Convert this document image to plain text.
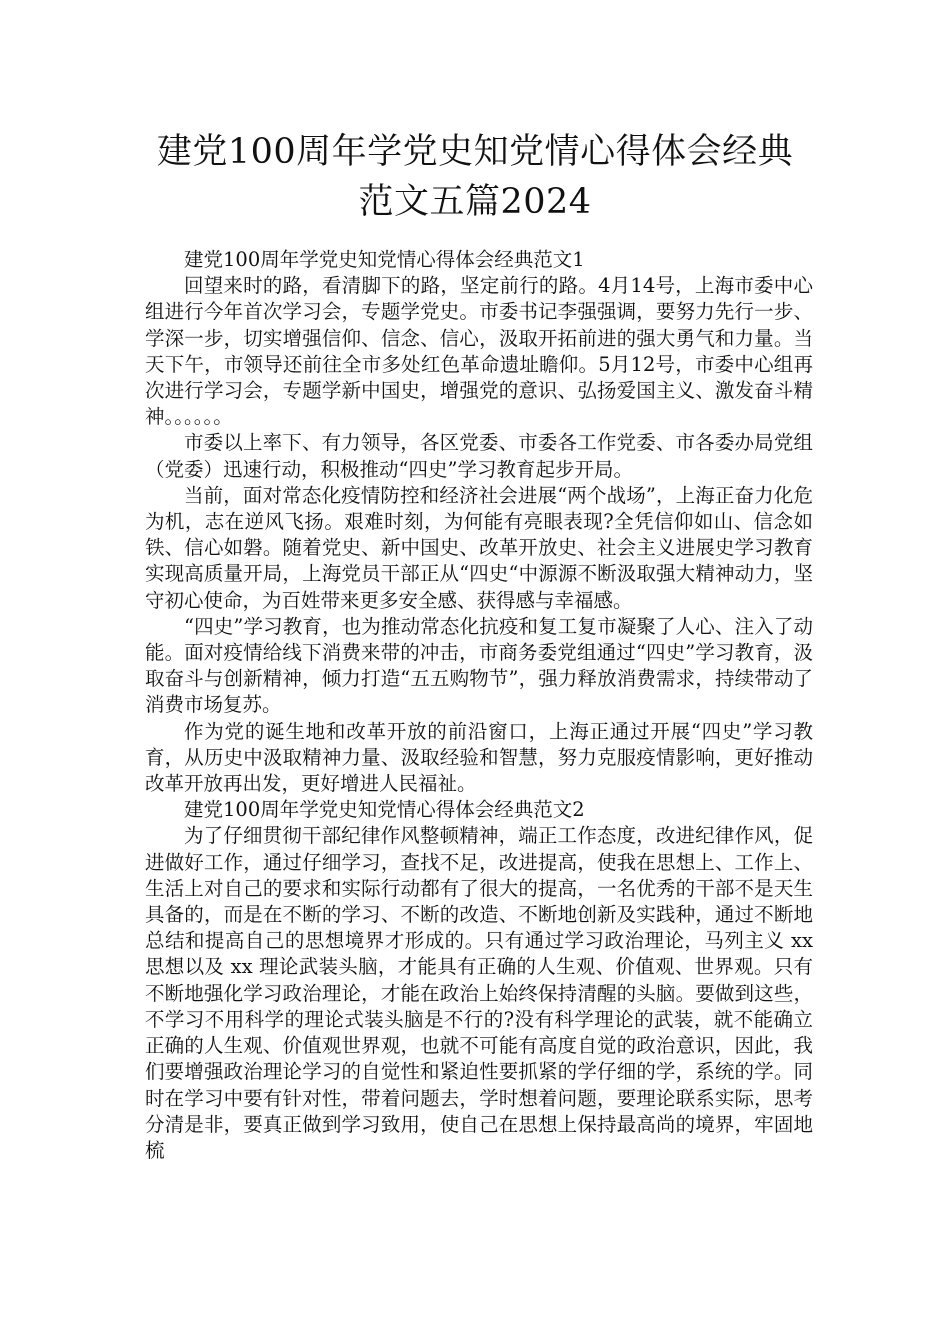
建党100周年学党史知党情心得体会经典
范文五篇2024

建党100周年学党史知党情心得体会经典范文1

回望来时的路，看清脚下的路，坚定前行的路。4月14号，上海市委中心组进行今年首次学习会，专题学党史。市委书记李强强调，要努力先行一步、学深一步，切实增强信仰、信念、信心，汲取开拓前进的强大勇气和力量。当天下午，市领导还前往全市多处红色革命遗址瞻仰。5月12号，市委中心组再次进行学习会，专题学新中国史，增强党的意识、弘扬爱国主义、激发奋斗精神。。。。。。

市委以上率下、有力领导，各区党委、市委各工作党委、市各委办局党组（党委）迅速行动，积极推动“四史”学习教育起步开局。

当前，面对常态化疫情防控和经济社会进展“两个战场”，上海正奋力化危为机，志在逆风飞扬。艰难时刻，为何能有亮眼表现?全凭信仰如山、信念如铁、信心如磐。随着党史、新中国史、改革开放史、社会主义进展史学习教育实现高质量开局，上海党员干部正从“四史“中源源不断汲取强大精神动力，坚守初心使命，为百姓带来更多安全感、获得感与幸福感。

“四史”学习教育，也为推动常态化抗疫和复工复市凝聚了人心、注入了动能。面对疫情给线下消费来带的冲击，市商务委党组通过“四史”学习教育，汲取奋斗与创新精神，倾力打造“五五购物节”，强力释放消费需求，持续带动了消费市场复苏。

作为党的诞生地和改革开放的前沿窗口，上海正通过开展“四史”学习教育，从历史中汲取精神力量、汲取经验和智慧，努力克服疫情影响，更好推动改革开放再出发，更好增进人民福祉。

建党100周年学党史知党情心得体会经典范文2

为了仔细贯彻干部纪律作风整顿精神，端正工作态度，改进纪律作风，促进做好工作，通过仔细学习，查找不足，改进提高，使我在思想上、工作上、生活上对自己的要求和实际行动都有了很大的提高，一名优秀的干部不是天生具备的，而是在不断的学习、不断的改造、不断地创新及实践种，通过不断地总结和提高自己的思想境界才形成的。只有通过学习政治理论，马列主义 xx 思想以及 xx 理论武装头脑，才能具有正确的人生观、价值观、世界观。只有不断地强化学习政治理论，才能在政治上始终保持清醒的头脑。要做到这些，不学习不用科学的理论式装头脑是不行的?没有科学理论的武装，就不能确立正确的人生观、价值观世界观，也就不可能有高度自觉的政治意识，因此，我们要增强政治理论学习的自觉性和紧迫性要抓紧的学仔细的学，系统的学。同时在学习中要有针对性，带着问题去，学时想着问题，要理论联系实际，思考分清是非，要真正做到学习致用，使自己在思想上保持最高尚的境界，牢固地梳
